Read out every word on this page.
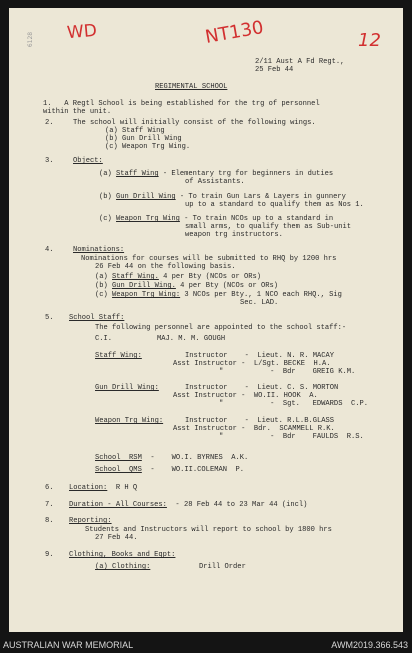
6128 WD	NT130	12
2/11 Aust A Fd Regt.,
25 Feb 44
REGIMENTAL SCHOOL
1.   A Regtl School is being established for the trg of personnel
within the unit.
2.	The school will initially consist of the following wings.
(a) Staff Wing
(b) Gun Drill Wing
(c) Weapon Trg Wing.
3.	Object:
(a) Staff Wing - Elementary trg for beginners in duties
of Assistants.
(b) Gun Drill Wing - To train Gun Lars & Layers in gunnery
up to a standard to qualify them as Nos 1.
(c) Weapon Trg Wing - To train NCOs up to a standard in
small arms, to qualify them as Sub-unit
weapon trg instructors.
4.	Nominations:
Nominations for courses will be submitted to RHQ by 1200 hrs
26 Feb 44 on the following basis.
(a) Staff Wing. 4 per Bty (NCOs or ORs)
(b) Gun Drill Wing. 4 per Bty (NCOs or ORs)
(c) Weapon Trg Wing: 3 NCOs per Bty., 1 NCO each RHQ., Sig
Sec. LAD.
5. School Staff:
The following personnel are appointed to the school staff:-
C.I.	MAJ. M. M. GOUGH
Staff Wing:	Instructor    -  Lieut. N. R. MACAY
Asst Instructor -  L/Sgt. BECKE  H.A.
"           -  Bdr    GREIG K.M.
Gun Drill Wing:	Instructor    -  Lieut. C. S. MORTON
Asst Instructor -  WO.II. HOOK  A.
"           -  Sgt.   EDWARDS  C.P.
Weapon Trg Wing:	Instructor    -  Lieut. R.L.B.GLASS
Asst Instructor -  Bdr.  SCAMMELL R.K.
"           -  Bdr    FAULDS  R.S.
School  RSM  -    WO.I. BYRNES  A.K.
School  QMS  -    WO.II.COLEMAN  P.
6. Location:  R H Q
7. Duration - All Courses:  - 28 Feb 44 to 23 Mar 44 (incl)
8. Reporting:
Students and Instructors will report to school by 1800 hrs
27 Feb 44.
9. Clothing, Books and Eqpt:
(a) Clothing:	Drill Order
AUSTRALIAN WAR MEMORIAL	AWM2019.366.543
